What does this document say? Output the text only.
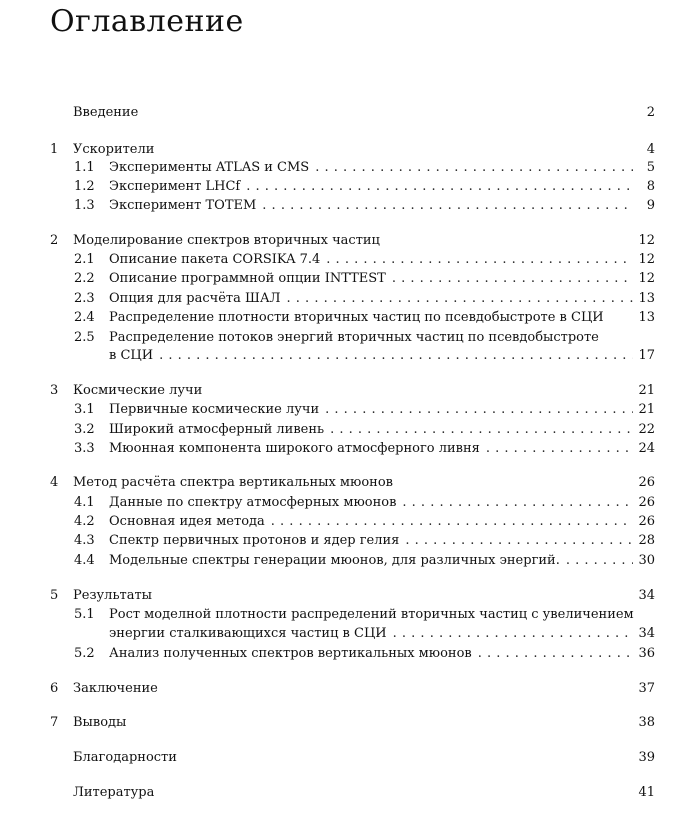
Оглавление
Введение	2
1	Ускорители	4
1.1	Эксперименты ATLAS и CMS . . .	5
1.2	Эксперимент LHCf . . .	8
1.3	Эксперимент TOTEM . . .	9
2	Моделирование спектров вторичных частиц	12
2.1	Описание пакета CORSIKA 7.4 . . .	12
2.2	Описание программной опции INTTEST . . .	12
2.3	Опция для расчёта ШАЛ . . .	13
2.4	Распределение плотности вторичных частиц по псевдобыстроте в СЦИ	13
2.5	Распределение потоков энергий вторичных частиц по псевдобыстроте
в СЦИ . . .	17
3	Космические лучи	21
3.1	Первичные космические лучи . . .	21
3.2	Широкий атмосферный ливень . . .	22
3.3	Мюонная компонента широкого атмосферного ливня . . .	24
4	Метод расчёта спектра вертикальных мюонов	26
4.1	Данные по спектру атмосферных мюонов . . .	26
4.2	Основная идея метода . . .	26
4.3	Спектр первичных протонов и ядер гелия . . .	28
4.4	Модельные спектры генерации мюонов, для различных энергий. . . .	30
5	Результаты	34
5.1	Рост моделной плотности распределений вторичных частиц с увеличением
энергии сталкивающихся частиц в СЦИ . . .	34
5.2	Анализ полученных спектров вертикальных мюонов . . .	36
6	Заключение	37
7	Выводы	38
Благодарности	39
Литература	41
